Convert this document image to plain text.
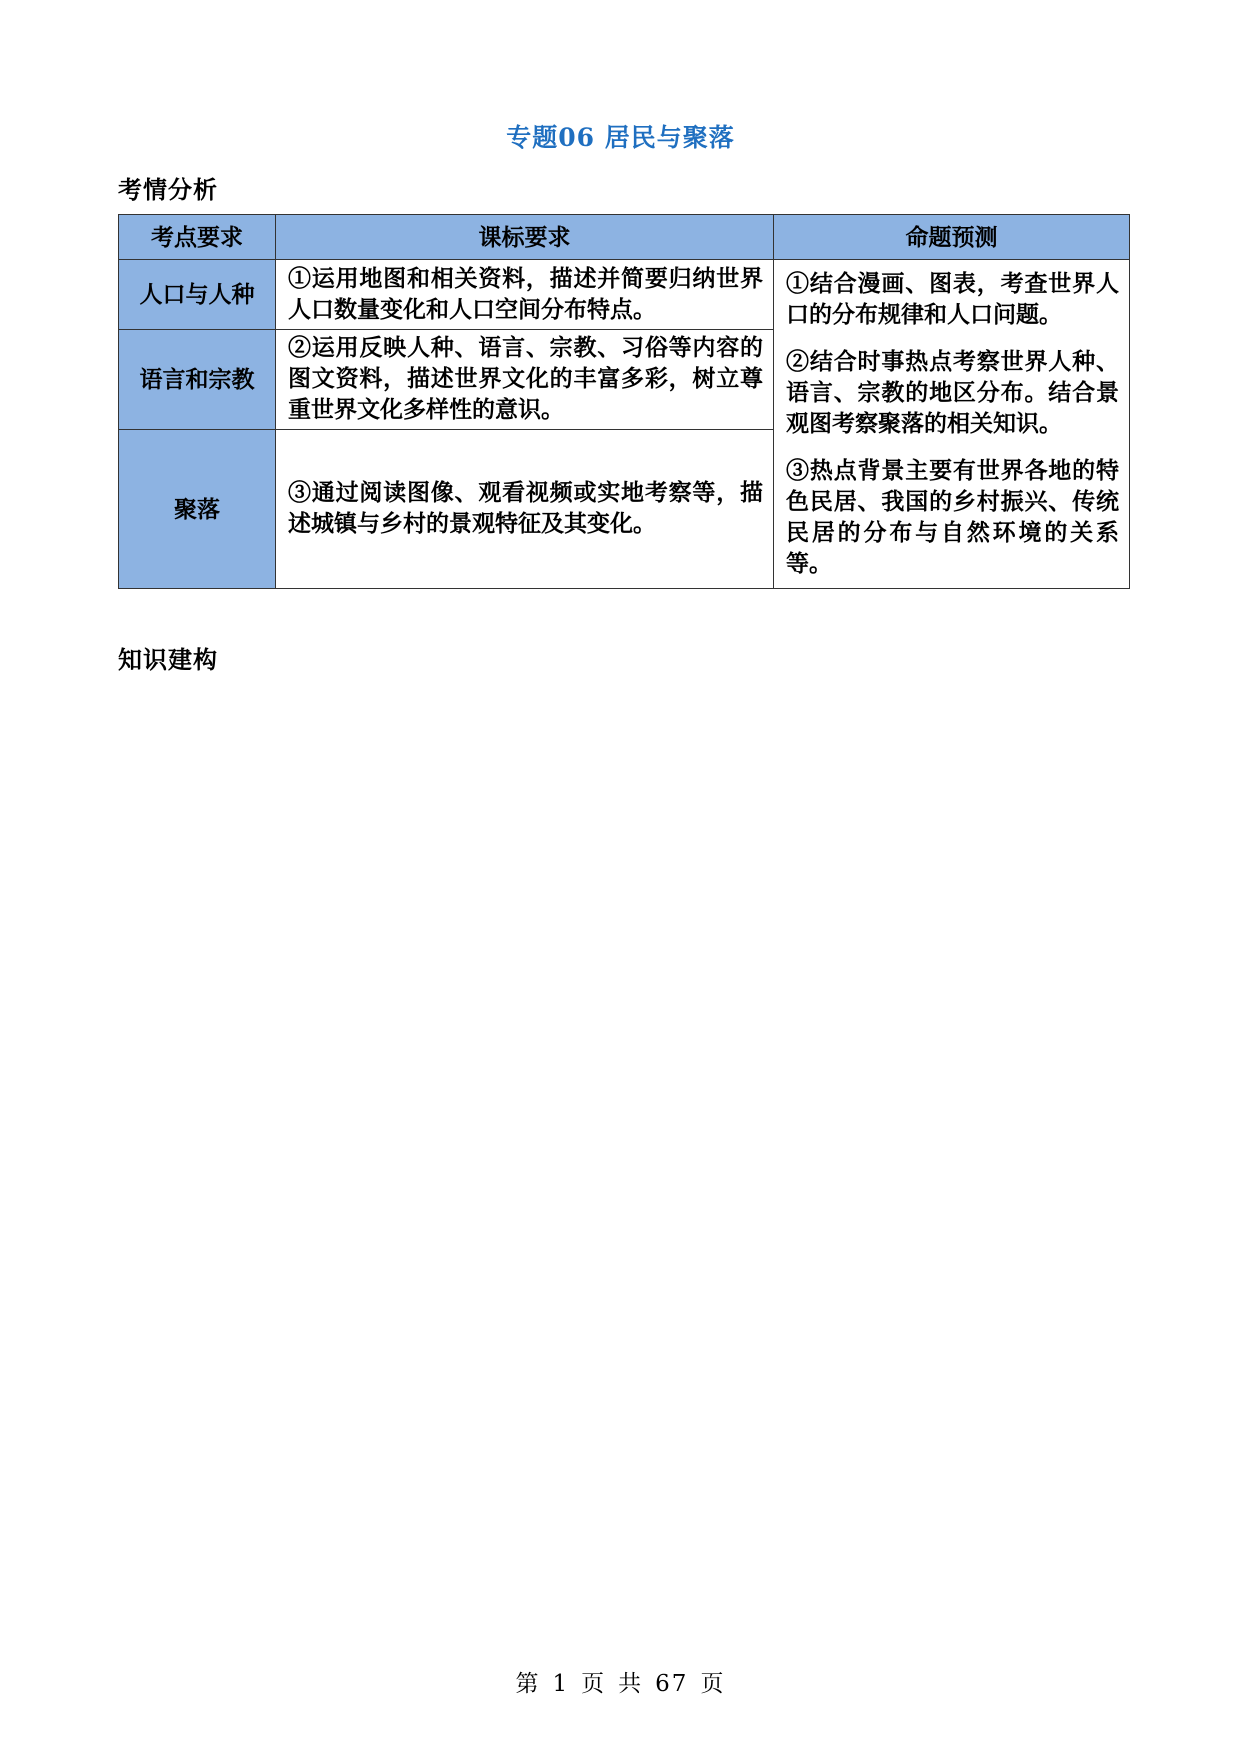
专题06 居民与聚落
考情分析
考点要求	课标要求	命题预测
人口与人种	①运用地图和相关资料，描述并简要归纳世界人口数量变化和人口空间分布特点。	①结合漫画、图表，考查世界人口的分布规律和人口问题。

②结合时事热点考察世界人种、语言、宗教的地区分布。结合景观图考察聚落的相关知识。

③热点背景主要有世界各地的特色民居、我国的乡村振兴、传统民居的分布与自然环境的关系等。

语言和宗教	②运用反映人种、语言、宗教、习俗等内容的图文资料，描述世界文化的丰富多彩，树立尊重世界文化多样性的意识。	
聚落	③通过阅读图像、观看视频或实地考察等，描述城镇与乡村的景观特征及其变化。	
知识建构
第 1 页 共 67 页
